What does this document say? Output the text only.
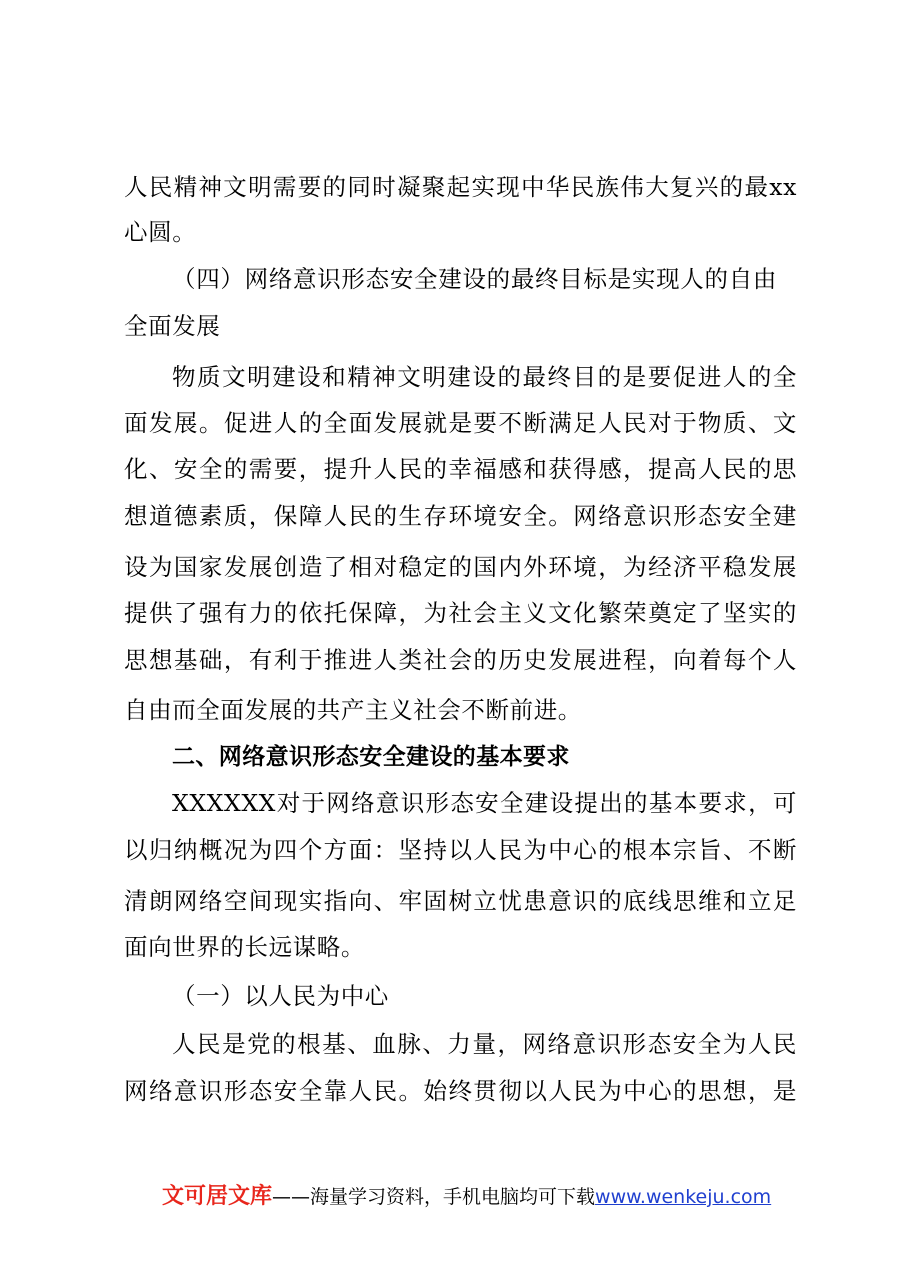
人民精神文明需要的同时凝聚起实现中华民族伟大复兴的最xx
心圆。
（四）网络意识形态安全建设的最终目标是实现人的自由
全面发展
物质文明建设和精神文明建设的最终目的是要促进人的全
面发展。促进人的全面发展就是要不断满足人民对于物质、文
化、安全的需要，提升人民的幸福感和获得感，提高人民的思
想道德素质，保障人民的生存环境安全。网络意识形态安全建
设为国家发展创造了相对稳定的国内外环境，为经济平稳发展
提供了强有力的依托保障，为社会主义文化繁荣奠定了坚实的
思想基础，有利于推进人类社会的历史发展进程，向着每个人
自由而全面发展的共产主义社会不断前进。
二、网络意识形态安全建设的基本要求
XXXXXX对于网络意识形态安全建设提出的基本要求，可
以归纳概况为四个方面：坚持以人民为中心的根本宗旨、不断
清朗网络空间现实指向、牢固树立忧患意识的底线思维和立足
面向世界的长远谋略。
（一）以人民为中心
人民是党的根基、血脉、力量，网络意识形态安全为人民
网络意识形态安全靠人民。始终贯彻以人民为中心的思想，是
文可居文库——海量学习资料，手机电脑均可下载www.wenkeju.com
